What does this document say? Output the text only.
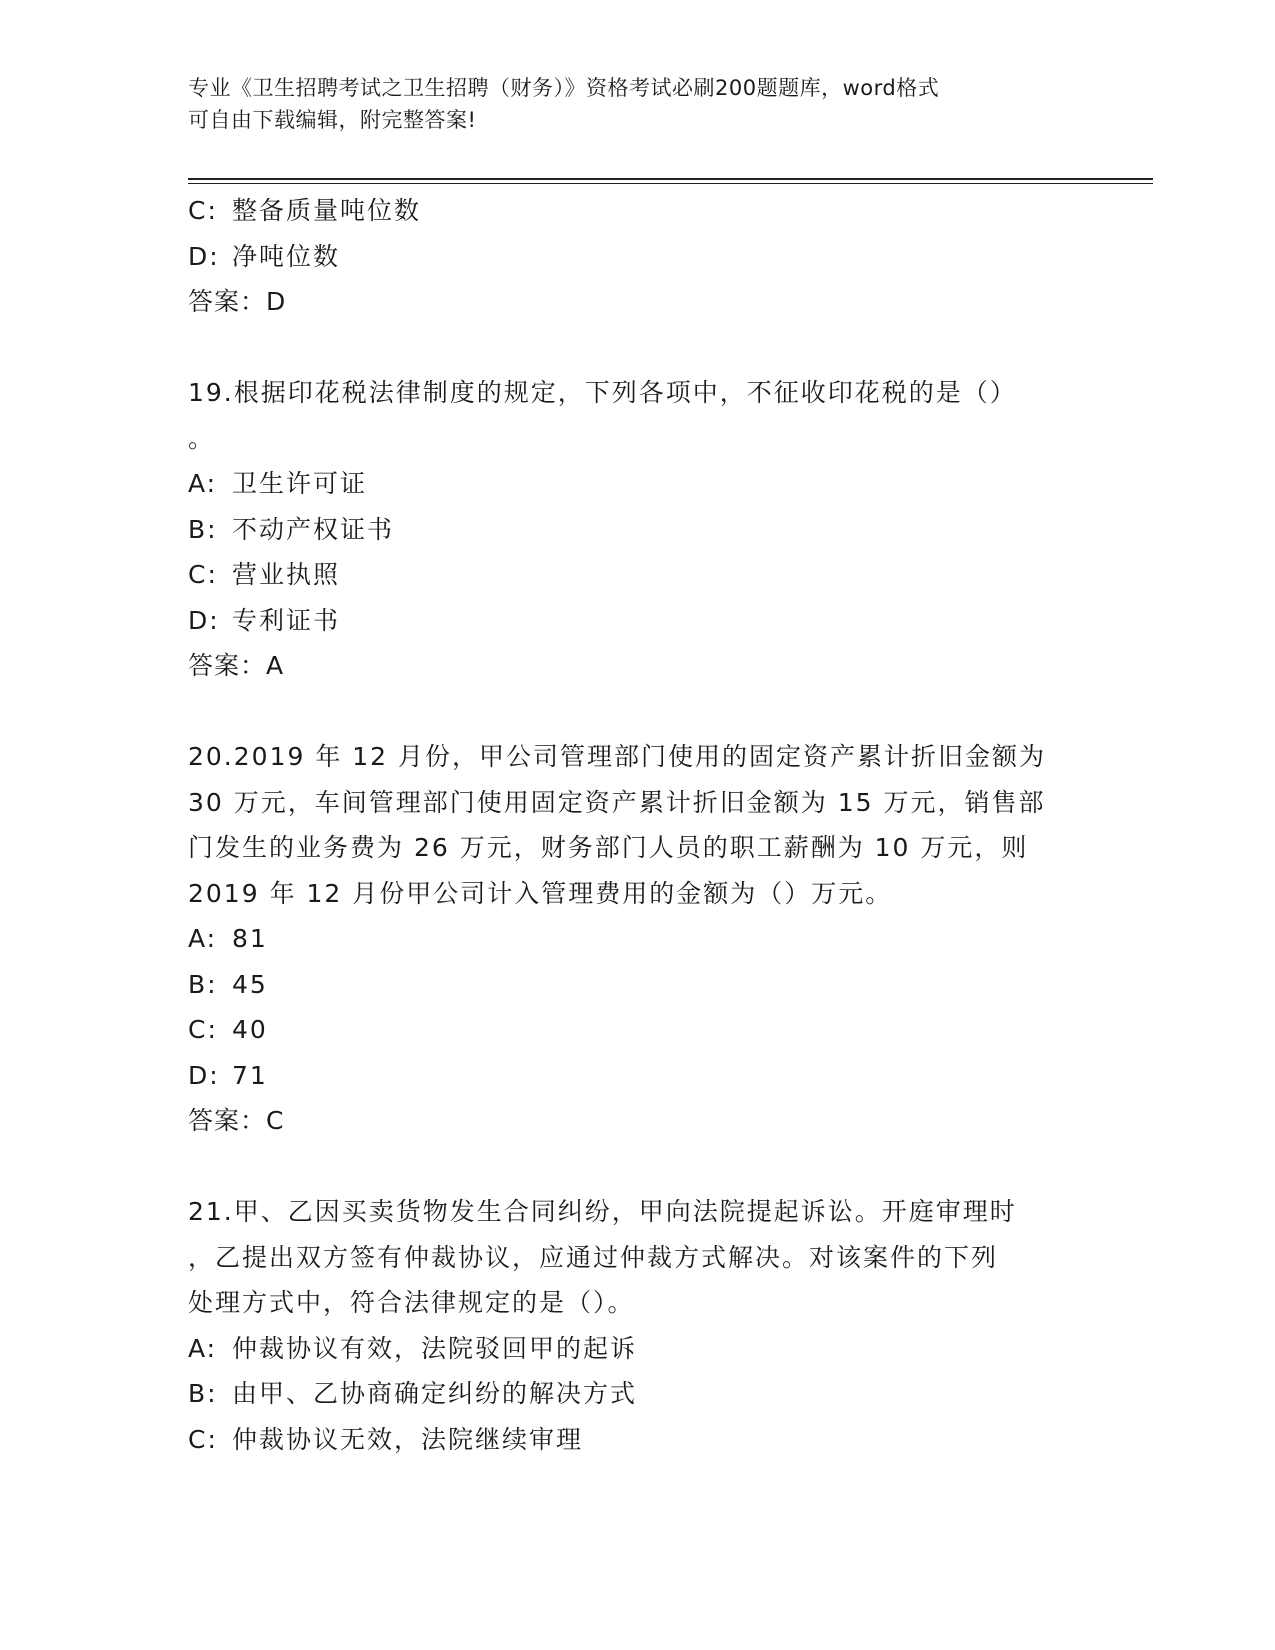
专业《卫生招聘考试之卫生招聘（财务）》资格考试必刷200题题库，word格式
可自由下载编辑，附完整答案!
C: 整备质量吨位数
D: 净吨位数
答案：D
19.根据印花税法律制度的规定，下列各项中，不征收印花税的是（）
。
A: 卫生许可证
B: 不动产权证书
C: 营业执照
D: 专利证书
答案：A
20.2019 年 12 月份，甲公司管理部门使用的固定资产累计折旧金额为
30 万元，车间管理部门使用固定资产累计折旧金额为 15 万元，销售部
门发生的业务费为 26 万元，财务部门人员的职工薪酬为 10 万元，则
2019 年 12 月份甲公司计入管理费用的金额为（）万元。
A: 81
B: 45
C: 40
D: 71
答案：C
21.甲、乙因买卖货物发生合同纠纷，甲向法院提起诉讼。开庭审理时
，乙提出双方签有仲裁协议，应通过仲裁方式解决。对该案件的下列
处理方式中，符合法律规定的是（）。
A: 仲裁协议有效，法院驳回甲的起诉
B: 由甲、乙协商确定纠纷的解决方式
C: 仲裁协议无效，法院继续审理
